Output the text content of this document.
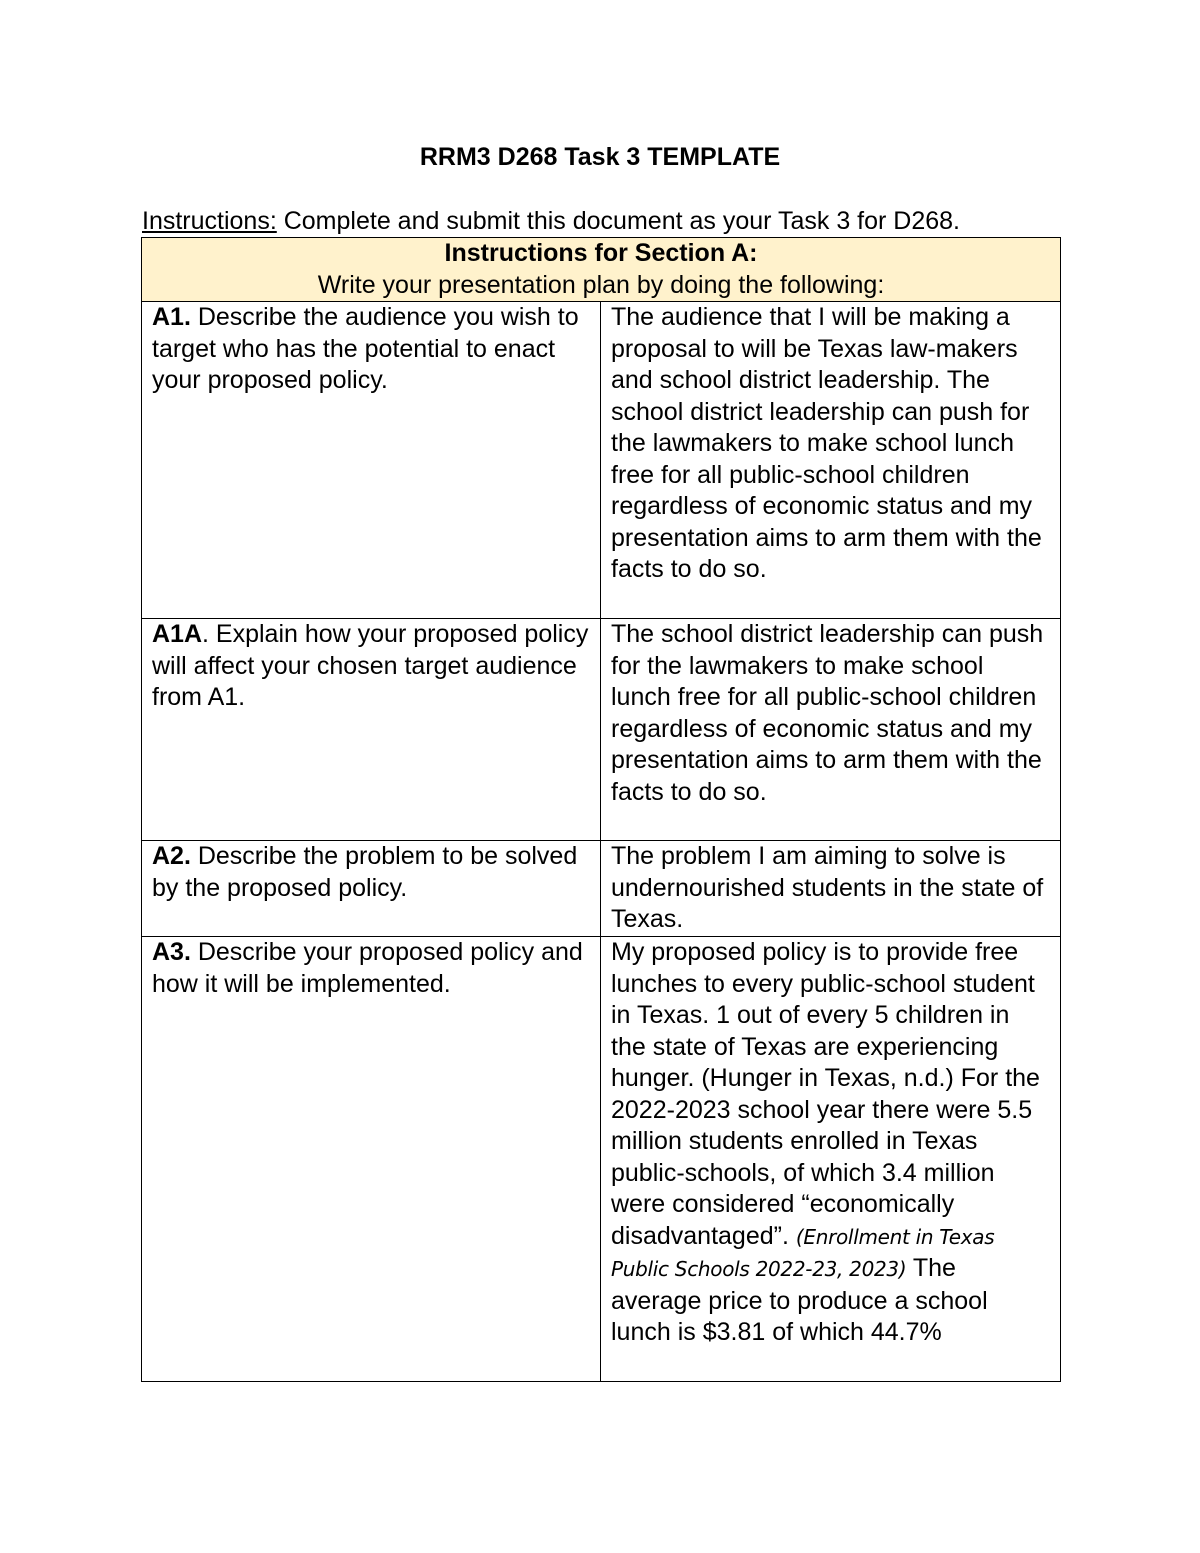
RRM3 D268 Task 3 TEMPLATE
Instructions: Complete and submit this document as your Task 3 for D268.
Instructions for Section A:
Write your presentation plan by doing the following:	

A1. Describe the audience you wish to target who has the potential to enact your proposed policy.	The audience that I will be making a proposal to will be Texas law-makers and school district leadership. The school district leadership can push for the lawmakers to make school lunch free for all public-school children regardless of economic status and my presentation aims to arm them with the facts to do so.
A1A. Explain how your proposed policy will affect your chosen target audience from A1.	The school district leadership can push for the lawmakers to make school lunch free for all public-school children regardless of economic status and my presentation aims to arm them with the facts to do so.
A2. Describe the problem to be solved by the proposed policy.	The problem I am aiming to solve is undernourished students in the state of Texas.
A3. Describe your proposed policy and how it will be implemented.	My proposed policy is to provide free lunches to every public-school student in Texas. 1 out of every 5 children in the state of Texas are experiencing hunger. (Hunger in Texas, n.d.) For the 2022-2023 school year there were 5.5 million students enrolled in Texas public-schools, of which 3.4 million were considered “economically disadvantaged”. (Enrollment in Texas Public Schools 2022-23, 2023) The average price to produce a school lunch is $3.81 of which 44.7%
